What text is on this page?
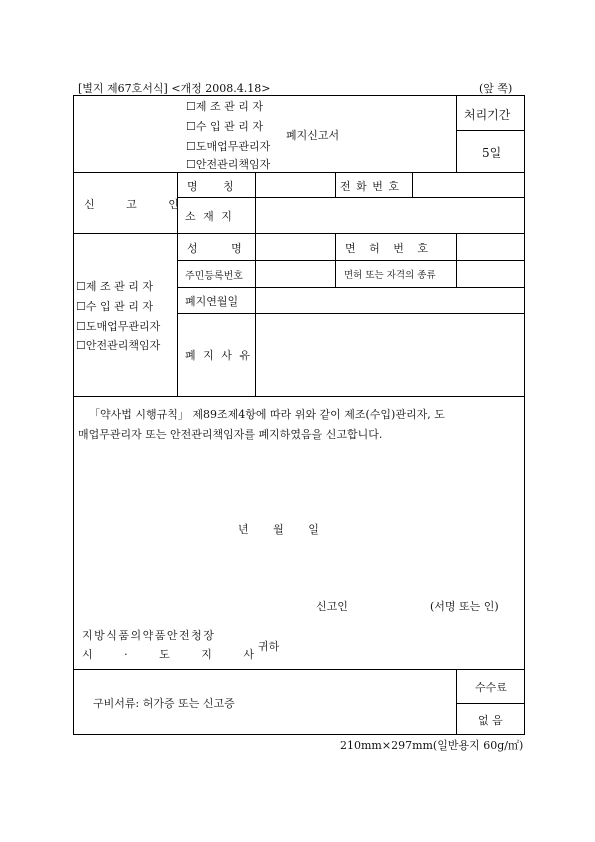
[별지 제67호서식] <개정 2008.4.18>	(앞 쪽)
☐제 조 관 리 자
☐수 입 관 리 자
☐도매업무관리자
☐안전관리책임자
폐지신고서
처리기간
5일
신 고 인
명 칭	전 화 번 호
소 재 지
☐제 조 관 리 자
☐수 입 관 리 자
☐도매업무관리자
☐안전관리책임자
성 명	면 허 번 호
주민등록번호	면허 또는 자격의 종류
폐지연월일
폐 지 사 유
「약사법 시행규칙」 제89조제4항에 따라 위와 같이 제조(수입)관리자, 도
매업무관리자 또는 안전관리책임자를 폐지하였음을 신고합니다.
년       월       일
신고인	(서명 또는 인)
지방식품의약품안전청장
시 · 도 지 사
귀하
구비서류: 허가증 또는 신고증
수수료
없 음
210mm×297mm(일반용지 60g/㎡)
